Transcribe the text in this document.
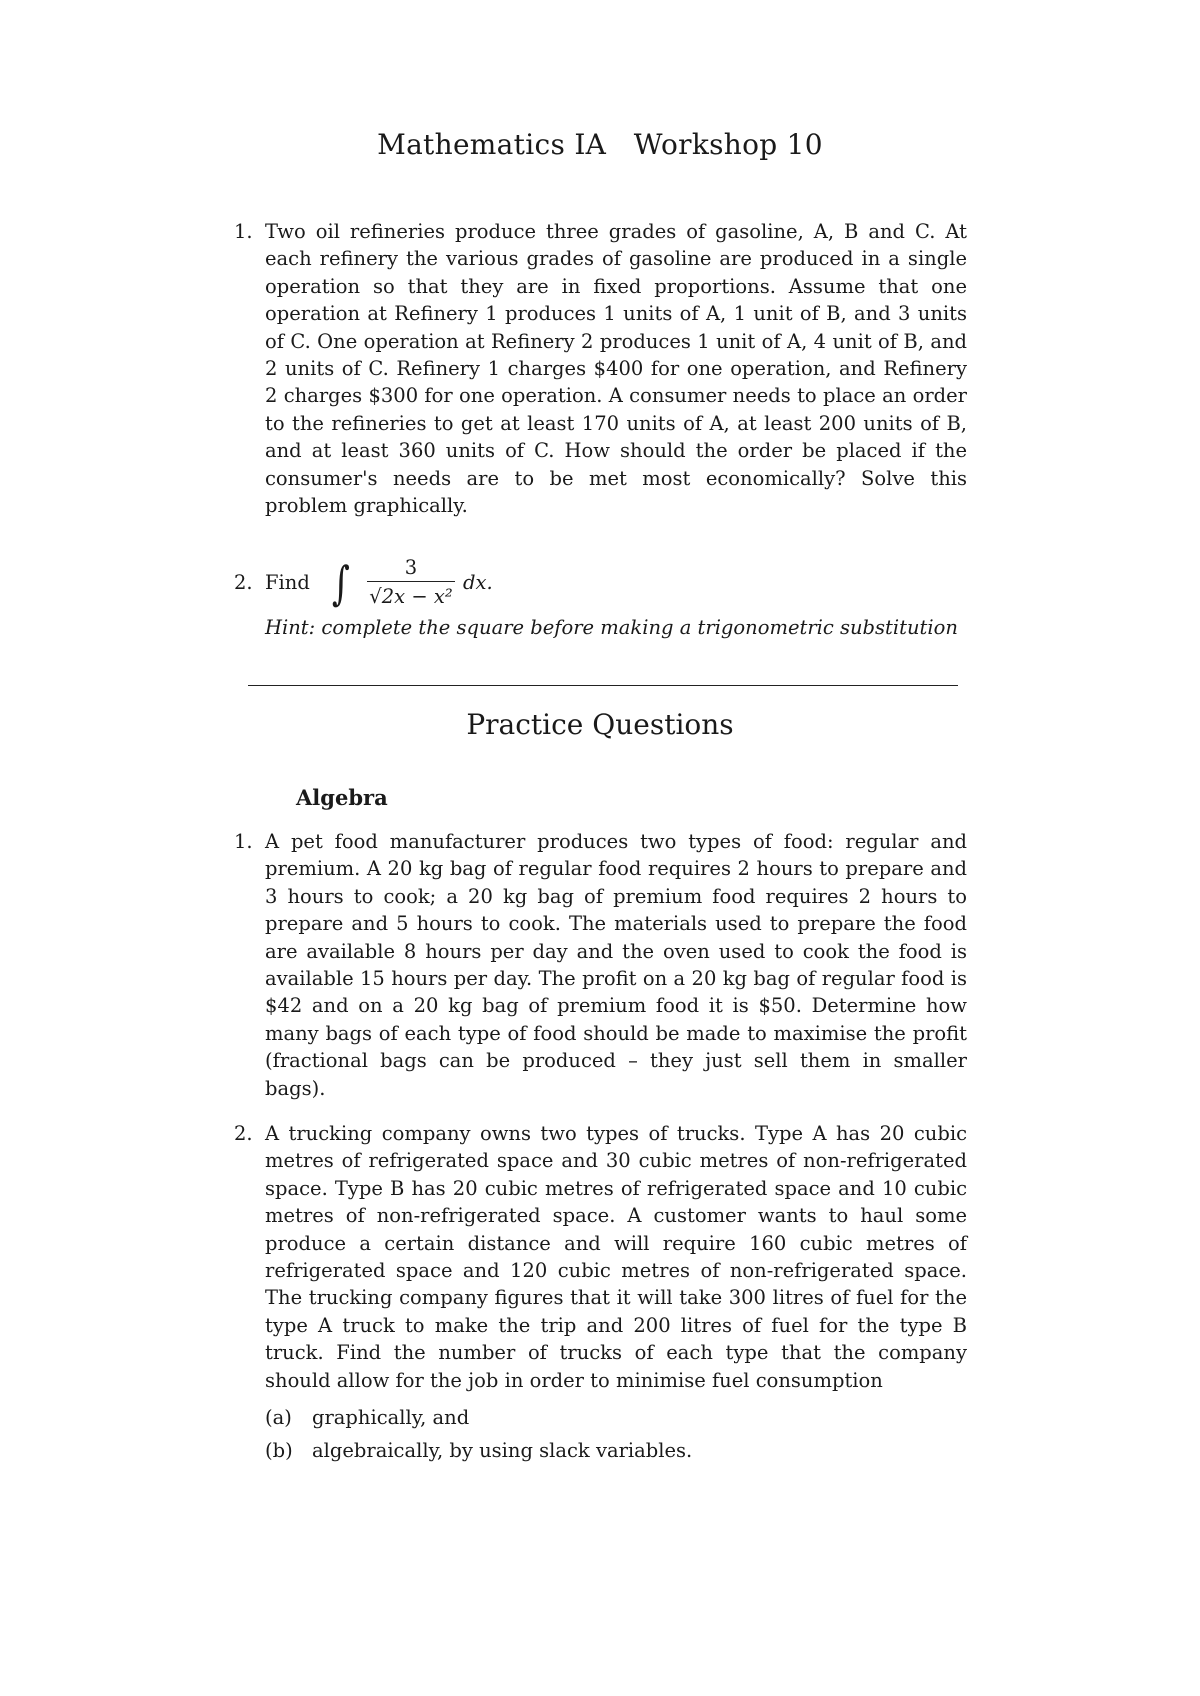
Mathematics IA   Workshop 10
1. Two oil refineries produce three grades of gasoline, A, B and C. At each refinery the various grades of gasoline are produced in a single operation so that they are in fixed proportions. Assume that one operation at Refinery 1 produces 1 units of A, 1 unit of B, and 3 units of C. One operation at Refinery 2 produces 1 unit of A, 4 unit of B, and 2 units of C. Refinery 1 charges $400 for one operation, and Refinery 2 charges $300 for one operation. A consumer needs to place an order to the refineries to get at least 170 units of A, at least 200 units of B, and at least 360 units of C. How should the order be placed if the consumer's needs are to be met most economically? Solve this problem graphically.

2. Find ∫	3
√2x − x²
dx.
Hint: complete the square before making a trigonometric substitution
Practice Questions
Algebra
1. A pet food manufacturer produces two types of food: regular and premium. A 20 kg bag of regular food requires 2 hours to prepare and 3 hours to cook; a 20 kg bag of premium food requires 2 hours to prepare and 5 hours to cook. The materials used to prepare the food are available 8 hours per day and the oven used to cook the food is available 15 hours per day. The profit on a 20 kg bag of regular food is $42 and on a 20 kg bag of premium food it is $50. Determine how many bags of each type of food should be made to maximise the profit (fractional bags can be produced – they just sell them in smaller bags).

2. A trucking company owns two types of trucks. Type A has 20 cubic metres of refrigerated space and 30 cubic metres of non-refrigerated space. Type B has 20 cubic metres of refrigerated space and 10 cubic metres of non-refrigerated space. A customer wants to haul some produce a certain distance and will require 160 cubic metres of refrigerated space and 120 cubic metres of non-refrigerated space. The trucking company figures that it will take 300 litres of fuel for the type A truck to make the trip and 200 litres of fuel for the type B truck. Find the number of trucks of each type that the company should allow for the job in order to minimise fuel consumption

(a) graphically, and
(b) algebraically, by using slack variables.
